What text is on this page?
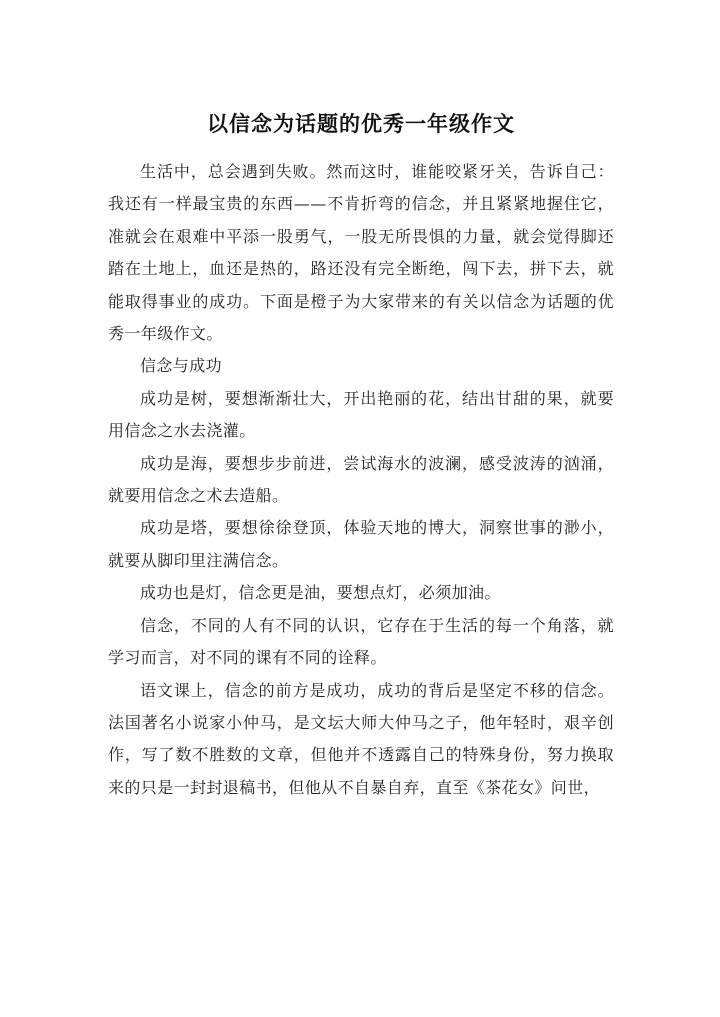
以信念为话题的优秀一年级作文

生活中，总会遇到失败。然而这时，谁能咬紧牙关，告诉自己：我还有一样最宝贵的东西——不肯折弯的信念，并且紧紧地握住它，准就会在艰难中平添一股勇气，一股无所畏惧的力量，就会觉得脚还踏在土地上，血还是热的，路还没有完全断绝，闯下去，拼下去，就能取得事业的成功。下面是橙子为大家带来的有关以信念为话题的优秀一年级作文。

信念与成功

成功是树，要想渐渐壮大，开出艳丽的花，结出甘甜的果，就要用信念之水去浇灌。

成功是海，要想步步前进，尝试海水的波澜，感受波涛的汹涌，就要用信念之术去造船。

成功是塔，要想徐徐登顶，体验天地的博大，洞察世事的渺小，就要从脚印里注满信念。

成功也是灯，信念更是油，要想点灯，必须加油。

信念，不同的人有不同的认识，它存在于生活的每一个角落，就学习而言，对不同的课有不同的诠释。

语文课上，信念的前方是成功，成功的背后是坚定不移的信念。法国著名小说家小仲马，是文坛大师大仲马之子，他年轻时，艰辛创作，写了数不胜数的文章，但他并不透露自己的特殊身份，努力换取来的只是一封封退稿书，但他从不自暴自弃，直至《茶花女》问世，
